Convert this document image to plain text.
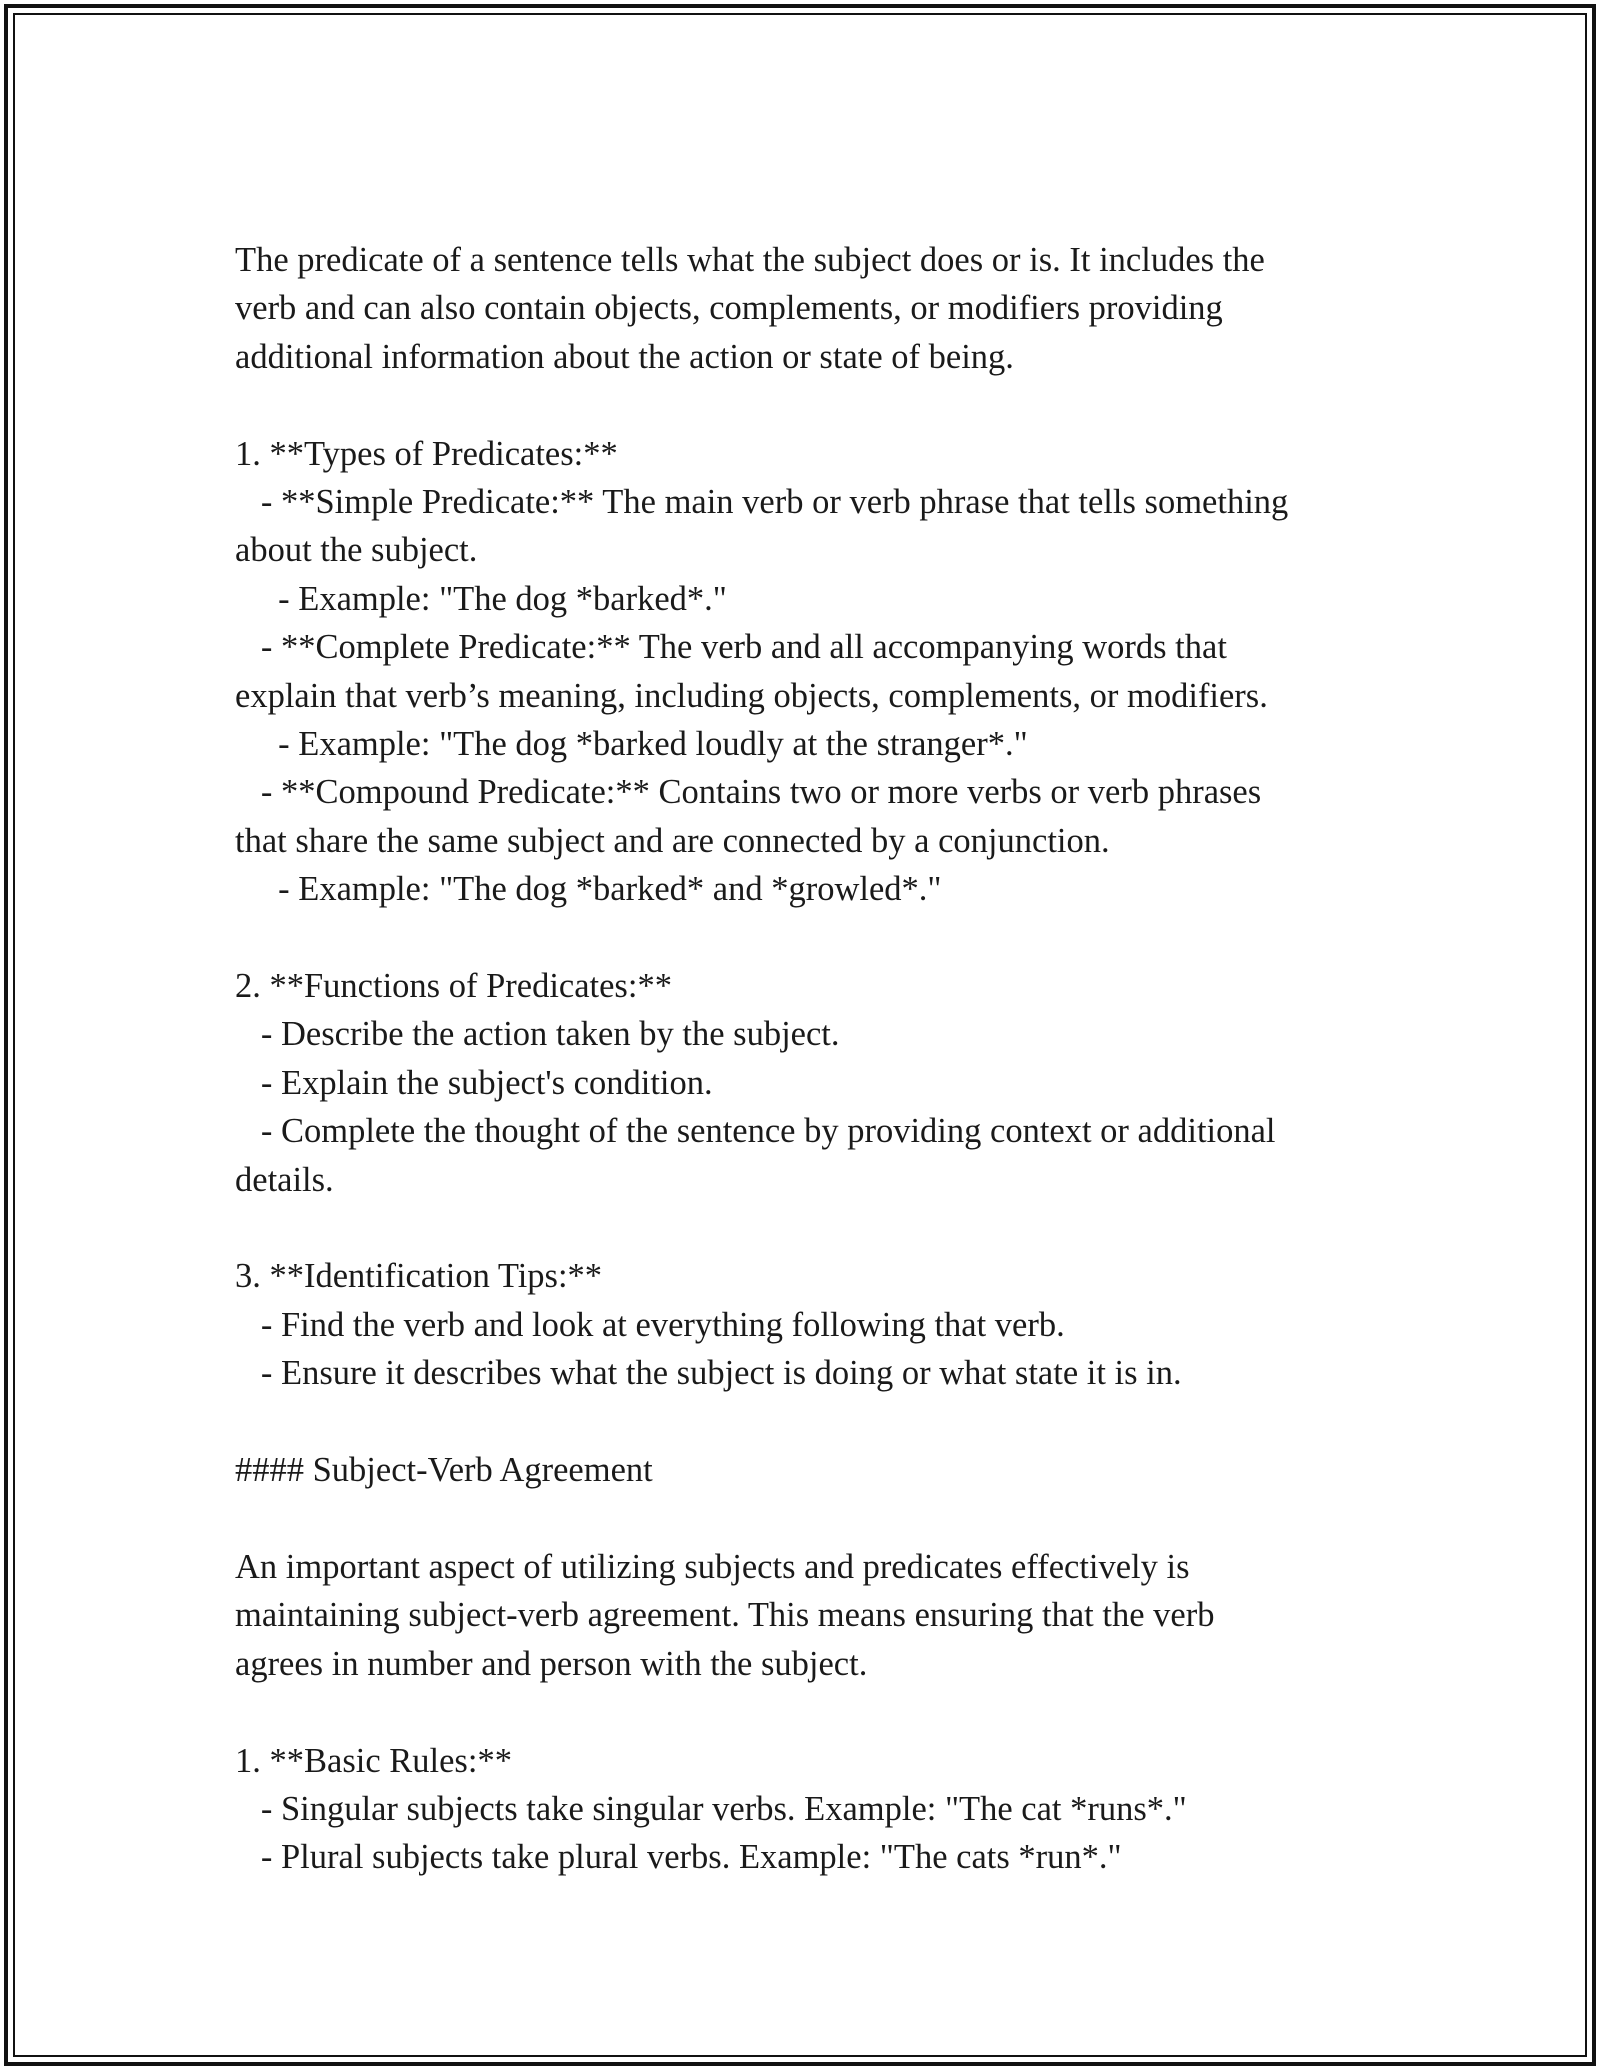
The predicate of a sentence tells what the subject does or is. It includes the
verb and can also contain objects, complements, or modifiers providing
additional information about the action or state of being.
1. **Types of Predicates:**
- **Simple Predicate:** The main verb or verb phrase that tells something
about the subject.
- Example: "The dog *barked*."
- **Complete Predicate:** The verb and all accompanying words that
explain that verb’s meaning, including objects, complements, or modifiers.
- Example: "The dog *barked loudly at the stranger*."
- **Compound Predicate:** Contains two or more verbs or verb phrases
that share the same subject and are connected by a conjunction.
- Example: "The dog *barked* and *growled*."
2. **Functions of Predicates:**
- Describe the action taken by the subject.
- Explain the subject's condition.
- Complete the thought of the sentence by providing context or additional
details.
3. **Identification Tips:**
- Find the verb and look at everything following that verb.
- Ensure it describes what the subject is doing or what state it is in.
#### Subject-Verb Agreement
An important aspect of utilizing subjects and predicates effectively is
maintaining subject-verb agreement. This means ensuring that the verb
agrees in number and person with the subject.
1. **Basic Rules:**
- Singular subjects take singular verbs. Example: "The cat *runs*."
- Plural subjects take plural verbs. Example: "The cats *run*."
